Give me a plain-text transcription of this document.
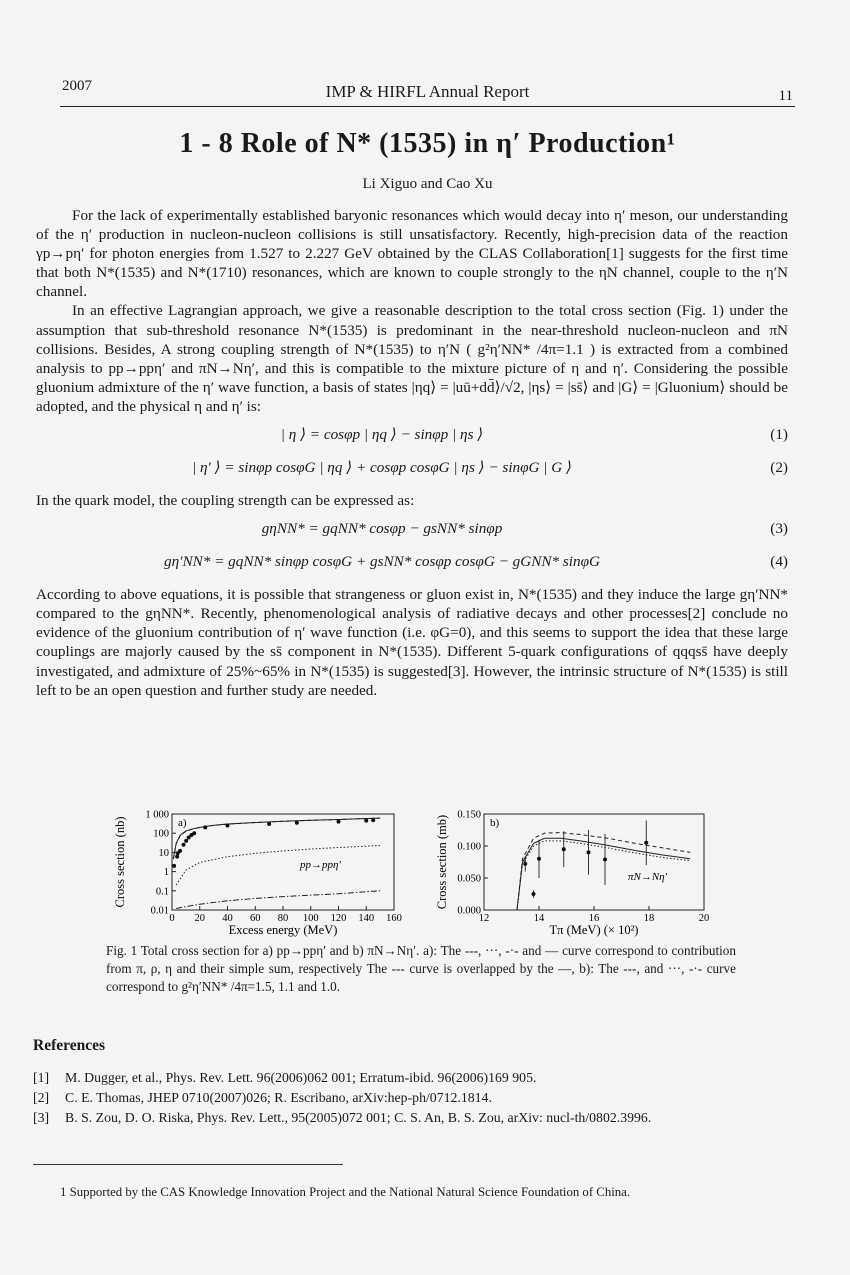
2007	IMP & HIRFL Annual Report	11
1 - 8 Role of N* (1535) in η′ Production¹
Li Xiguo and Cao Xu

For the lack of experimentally established baryonic resonances which would decay into η′ meson, our understanding of the η′ production in nucleon-nucleon collisions is still unsatisfactory. Recently, high-precision data of the reaction γp→pη′ for photon energies from 1.527 to 2.227 GeV obtained by the CLAS Collaboration[1] suggests for the first time that both N*(1535) and N*(1710) resonances, which are known to couple strongly to the ηN channel, couple to the η′N channel.

In an effective Lagrangian approach, we give a reasonable description to the total cross section (Fig. 1) under the assumption that sub-threshold resonance N*(1535) is predominant in the near-threshold nucleon-nucleon and πN collisions. Besides, A strong coupling strength of N*(1535) to η′N ( g²η′NN* /4π=1.1 ) is extracted from a combined analysis to pp→ppη′ and πN→Nη′, and this is compatible to the mixture picture of η and η′. Considering the possible gluonium admixture of the η′ wave function, a basis of states |ηq⟩ = |uū+dd̄⟩/√2, |ηs⟩ = |ss̄⟩ and |G⟩ = |Gluonium⟩ should be adopted, and the physical η and η′ is:

| η ⟩ = cosφp | ηq ⟩ − sinφp | ηs ⟩	(1)
| η′ ⟩ = sinφp cosφG | ηq ⟩ + cosφp cosφG | ηs ⟩ − sinφG | G ⟩	(2)

In the quark model, the coupling strength can be expressed as:

gηNN* = gqNN* cosφp − gsNN* sinφp	(3)
gη′NN* = gqNN* sinφp cosφG + gsNN* cosφp cosφG − gGNN* sinφG	(4)

According to above equations, it is possible that strangeness or gluon exist in, N*(1535) and they induce the large gη′NN* compared to the gηNN*. Recently, phenomenological analysis of radiative decays and other processes[2] conclude no evidence of the gluonium contribution of η′ wave function (i.e. φG=0), and this seems to support the idea that these large couplings are majorly caused by the ss̄ component in N*(1535). Different 5-quark configurations of qqqss̄ have deeply investigated, and admixture of 25%~65% in N*(1535) is suggested[3]. However, the intrinsic structure of N*(1535) is still left to be an open question and further study are needed.

0 20 40 60 80 100 120 140 160
0.01
0.1
1
10
100
1 000
Excess energy (MeV)
Cross section (nb)	a)
pp→ppη′
12	14	16	18	20
0.000
0.050
0.100
0.150
Tπ (MeV) (× 10²)
Cross section (mb)	b)
πN→Nη′
Fig. 1 Total cross section for a) pp→ppη′ and b) πN→Nη′. a): The ---, ···, -·- and — curve correspond to contribution from π, ρ, η and their simple sum, respectively The --- curve is overlapped by the —, b): The ---, and ···, -·- curve correspond to g²η′NN* /4π=1.5, 1.1 and 1.0.
References
[1]	M. Dugger, et al., Phys. Rev. Lett. 96(2006)062 001; Erratum-ibid. 96(2006)169 905.
[2]	C. E. Thomas, JHEP 0710(2007)026; R. Escribano, arXiv:hep-ph/0712.1814.
[3]	B. S. Zou, D. O. Riska, Phys. Rev. Lett., 95(2005)072 001; C. S. An, B. S. Zou, arXiv: nucl-th/0802.3996.
1 Supported by the CAS Knowledge Innovation Project and the National Natural Science Foundation of China.
